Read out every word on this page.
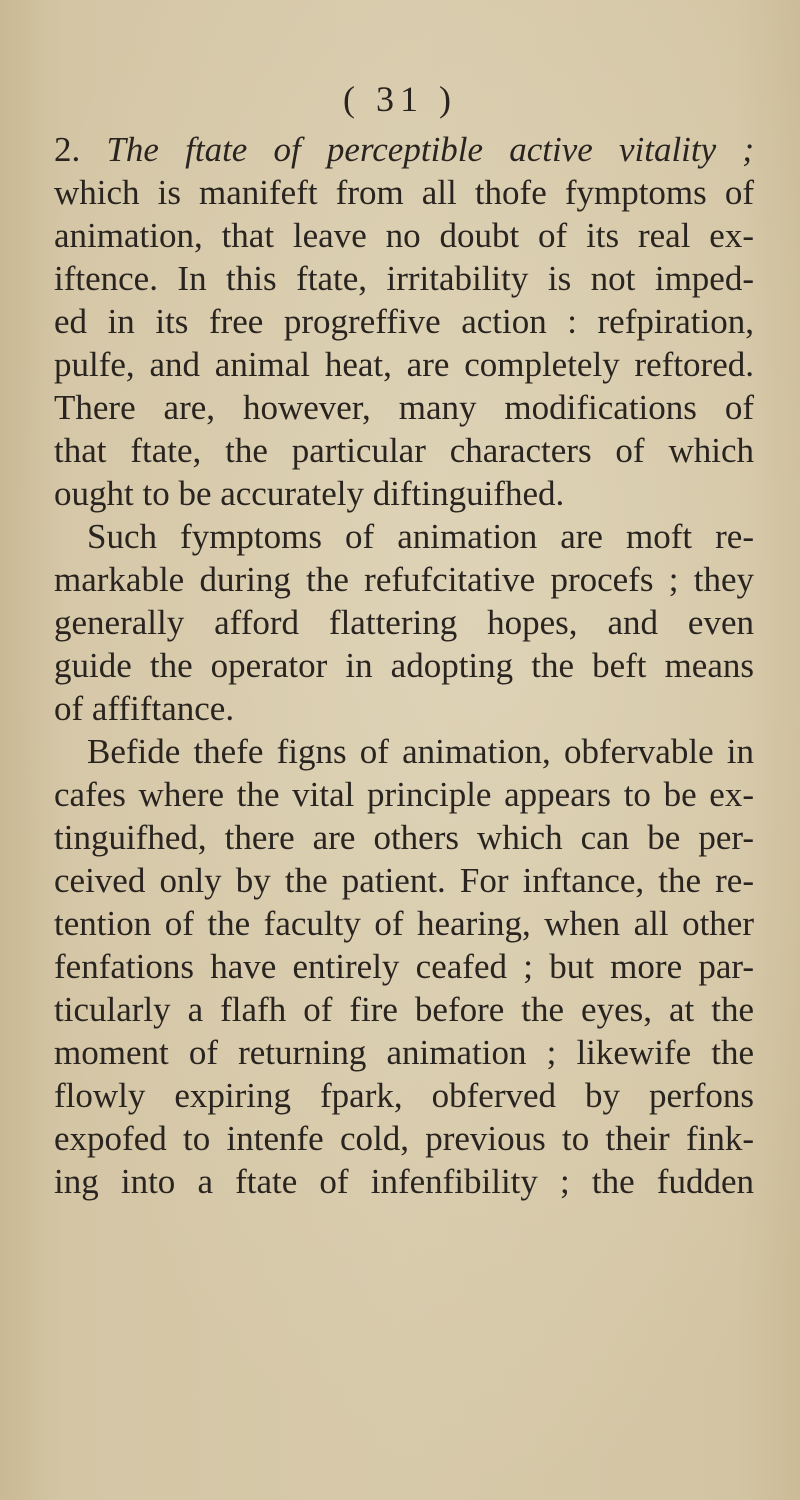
( 31 )
2. The ftate of perceptible active vitality ;
which is manifeft from all thofe fymptoms of
animation, that leave no doubt of its real ex-
iftence. In this ftate, irritability is not imped-
ed in its free progreffive action : refpiration,
pulfe, and animal heat, are completely reftored.
There are, however, many modifications of
that ftate, the particular characters of which
ought to be accurately diftinguifhed.
Such fymptoms of animation are moft re-
markable during the refufcitative procefs ; they
generally afford flattering hopes, and even
guide the operator in adopting the beft means
of affiftance.
Befide thefe figns of animation, obfervable in
cafes where the vital principle appears to be ex-
tinguifhed, there are others which can be per-
ceived only by the patient. For inftance, the re-
tention of the faculty of hearing, when all other
fenfations have entirely ceafed ; but more par-
ticularly a flafh of fire before the eyes, at the
moment of returning animation ; likewife the
flowly expiring fpark, obferved by perfons
expofed to intenfe cold, previous to their fink-
ing into a ftate of infenfibility ; the fudden
